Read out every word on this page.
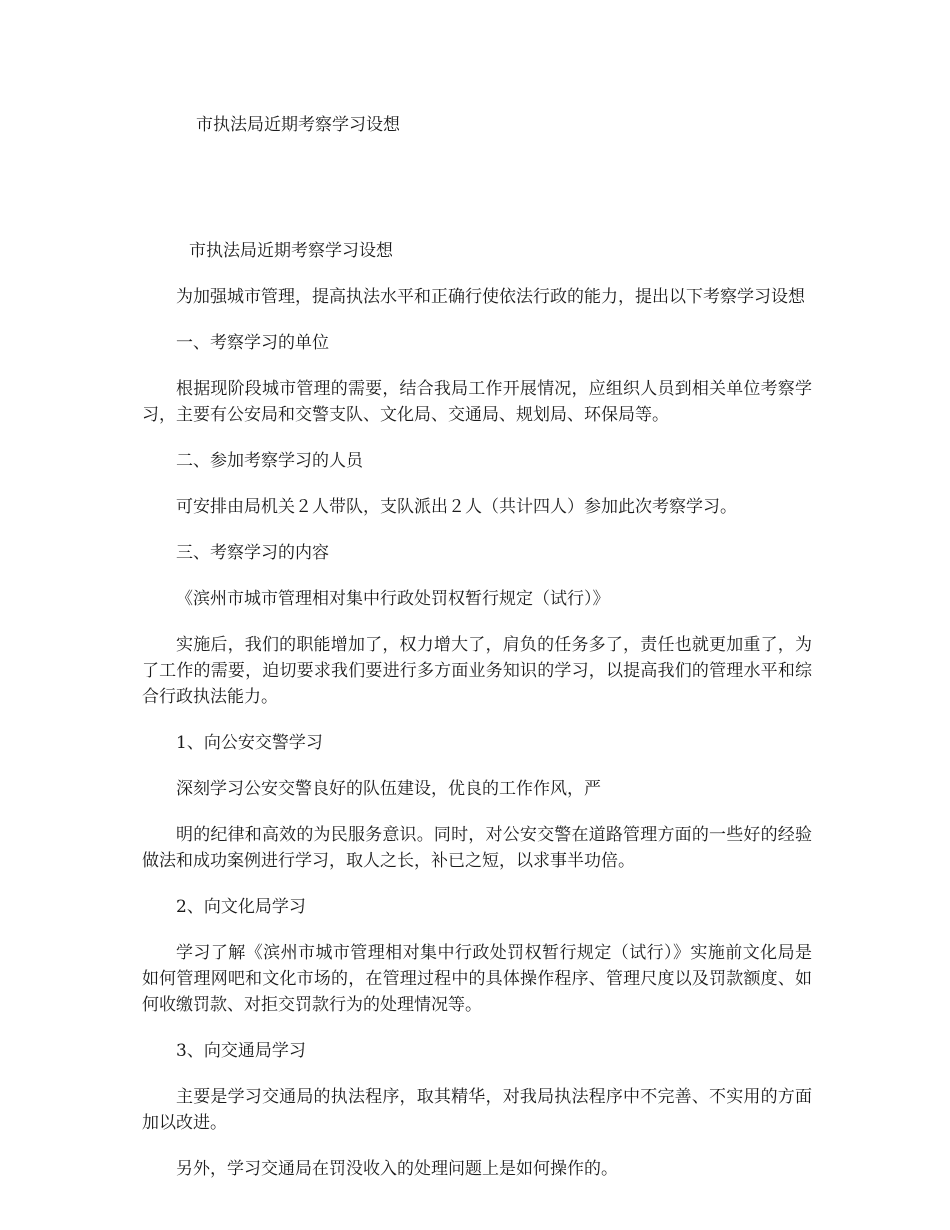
市执法局近期考察学习设想

市执法局近期考察学习设想

为加强城市管理，提高执法水平和正确行使依法行政的能力，提出以下考察学习设想

一、考察学习的单位

根据现阶段城市管理的需要，结合我局工作开展情况，应组织人员到相关单位考察学习，主要有公安局和交警支队、文化局、交通局、规划局、环保局等。

二、参加考察学习的人员

可安排由局机关２人带队，支队派出２人（共计四人）参加此次考察学习。

三、考察学习的内容

《滨州市城市管理相对集中行政处罚权暂行规定（试行）》

实施后，我们的职能增加了，权力增大了，肩负的任务多了，责任也就更加重了，为了工作的需要，迫切要求我们要进行多方面业务知识的学习，以提高我们的管理水平和综合行政执法能力。

1、向公安交警学习

深刻学习公安交警良好的队伍建设，优良的工作作风，严

明的纪律和高效的为民服务意识。同时，对公安交警在道路管理方面的一些好的经验做法和成功案例进行学习，取人之长，补已之短，以求事半功倍。

2、向文化局学习

学习了解《滨州市城市管理相对集中行政处罚权暂行规定（试行）》实施前文化局是如何管理网吧和文化市场的，在管理过程中的具体操作程序、管理尺度以及罚款额度、如何收缴罚款、对拒交罚款行为的处理情况等。

3、向交通局学习

主要是学习交通局的执法程序，取其精华，对我局执法程序中不完善、不实用的方面加以改进。

另外，学习交通局在罚没收入的处理问题上是如何操作的。
